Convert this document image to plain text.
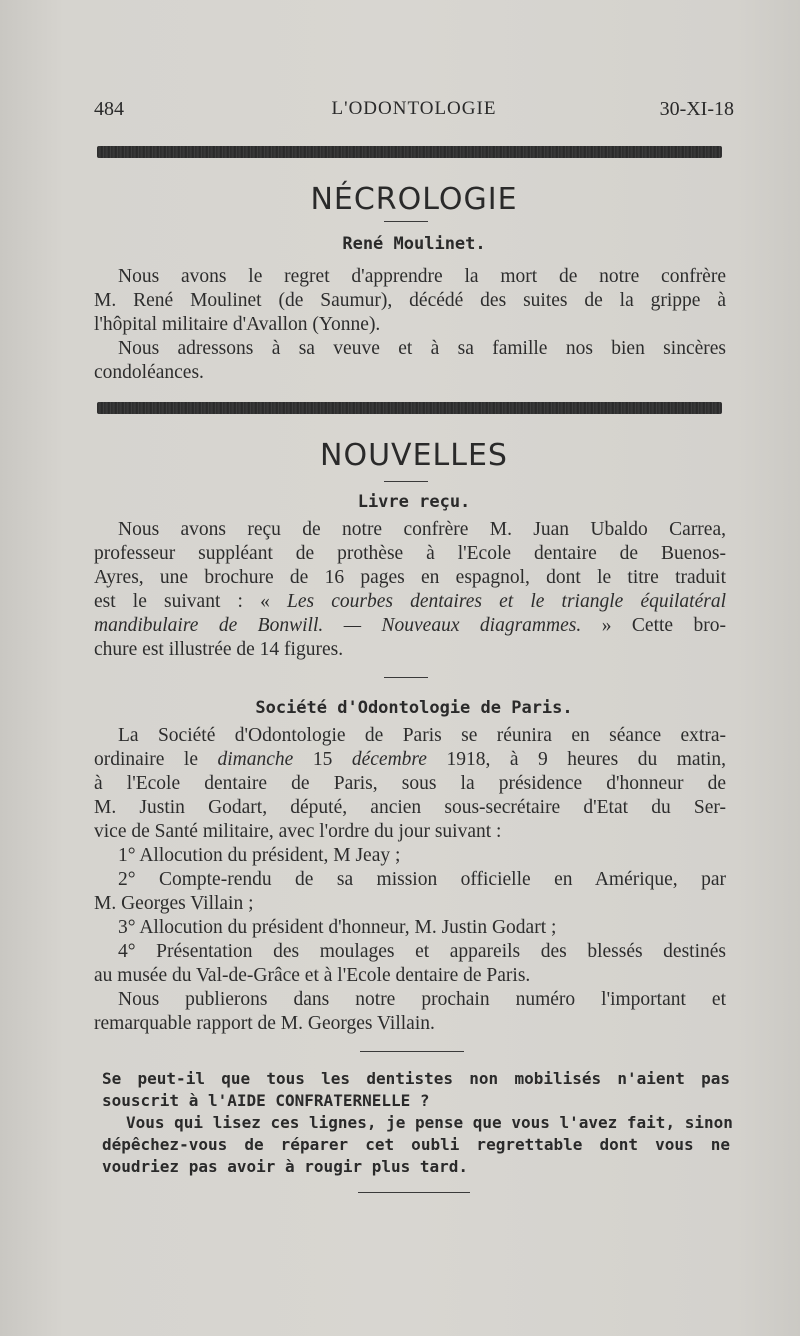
484	L'ODONTOLOGIE	30-XI-18
NÉCROLOGIE
René Moulinet.
Nous avons le regret d'apprendre la mort de notre confrère
M. René Moulinet (de Saumur), décédé des suites de la grippe à
l'hôpital militaire d'Avallon (Yonne).
Nous adressons à sa veuve et à sa famille nos bien sincères
condoléances.
NOUVELLES
Livre reçu.
Nous avons reçu de notre confrère M. Juan Ubaldo Carrea,
professeur suppléant de prothèse à l'Ecole dentaire de Buenos-
Ayres, une brochure de 16 pages en espagnol, dont le titre traduit
est le suivant : « Les courbes dentaires et le triangle équilatéral
mandibulaire de Bonwill. — Nouveaux diagrammes. » Cette bro-
chure est illustrée de 14 figures.
Société d'Odontologie de Paris.
La Société d'Odontologie de Paris se réunira en séance extra-
ordinaire le dimanche 15 décembre 1918, à 9 heures du matin,
à l'Ecole dentaire de Paris, sous la présidence d'honneur de
M. Justin Godart, député, ancien sous-secrétaire d'Etat du Ser-
vice de Santé militaire, avec l'ordre du jour suivant :
1° Allocution du président, M Jeay ;
2° Compte-rendu de sa mission officielle en Amérique, par
M. Georges Villain ;
3° Allocution du président d'honneur, M. Justin Godart ;
4° Présentation des moulages et appareils des blessés destinés
au musée du Val-de-Grâce et à l'Ecole dentaire de Paris.
Nous publierons dans notre prochain numéro l'important et
remarquable rapport de M. Georges Villain.
Se peut-il que tous les dentistes non mobilisés n'aient pas
souscrit à l'AIDE CONFRATERNELLE ?
Vous qui lisez ces lignes, je pense que vous l'avez fait, sinon
dépêchez-vous de réparer cet oubli regrettable dont vous ne
voudriez pas avoir à rougir plus tard.
